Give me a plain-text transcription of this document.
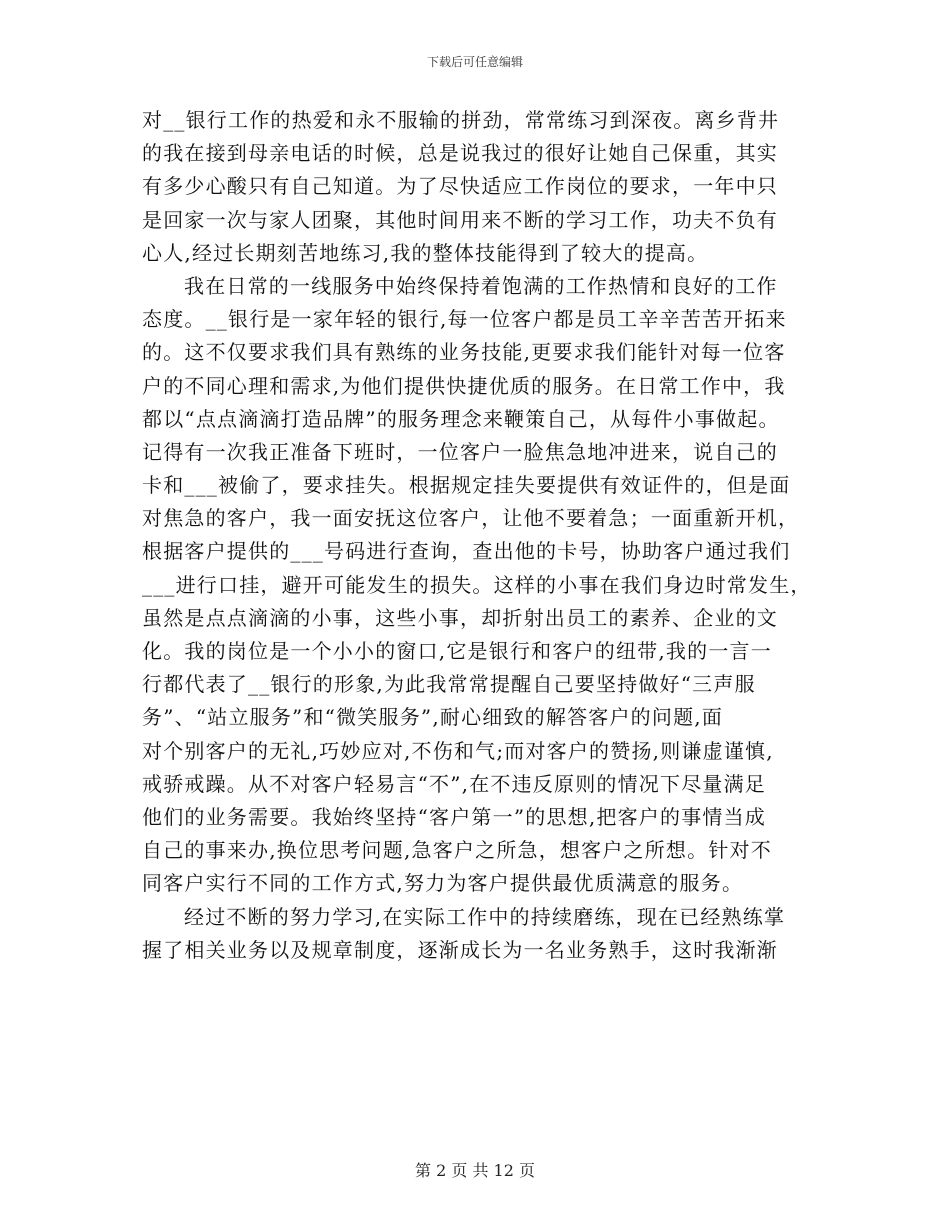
下载后可任意编辑
对__银行工作的热爱和永不服输的拼劲，常常练习到深夜。离乡背井
的我在接到母亲电话的时候，总是说我过的很好让她自己保重，其实
有多少心酸只有自己知道。为了尽快适应工作岗位的要求，一年中只
是回家一次与家人团聚，其他时间用来不断的学习工作，功夫不负有
心人,经过长期刻苦地练习,我的整体技能得到了较大的提高。
我在日常的一线服务中始终保持着饱满的工作热情和良好的工作
态度。__银行是一家年轻的银行,每一位客户都是员工辛辛苦苦开拓来
的。这不仅要求我们具有熟练的业务技能,更要求我们能针对每一位客
户的不同心理和需求,为他们提供快捷优质的服务。在日常工作中，我
都以“点点滴滴打造品牌”的服务理念来鞭策自己，从每件小事做起。
记得有一次我正准备下班时，一位客户一脸焦急地冲进来，说自己的
卡和___被偷了，要求挂失。根据规定挂失要提供有效证件的，但是面
对焦急的客户，我一面安抚这位客户，让他不要着急；一面重新开机，
根据客户提供的___号码进行查询，查出他的卡号，协助客户通过我们
___进行口挂，避开可能发生的损失。这样的小事在我们身边时常发生，
虽然是点点滴滴的小事，这些小事，却折射出员工的素养、企业的文
化。我的岗位是一个小小的窗口,它是银行和客户的纽带,我的一言一
行都代表了__银行的形象,为此我常常提醒自己要坚持做好“三声服
务”、“站立服务”和“微笑服务”,耐心细致的解答客户的问题,面
对个别客户的无礼,巧妙应对,不伤和气;而对客户的赞扬,则谦虚谨慎,
戒骄戒躁。从不对客户轻易言“不”,在不违反原则的情况下尽量满足
他们的业务需要。我始终坚持“客户第一”的思想,把客户的事情当成
自己的事来办,换位思考问题,急客户之所急，想客户之所想。针对不
同客户实行不同的工作方式,努力为客户提供最优质满意的服务。
经过不断的努力学习,在实际工作中的持续磨练，现在已经熟练掌
握了相关业务以及规章制度，逐渐成长为一名业务熟手，这时我渐渐
第 2 页 共 12 页
